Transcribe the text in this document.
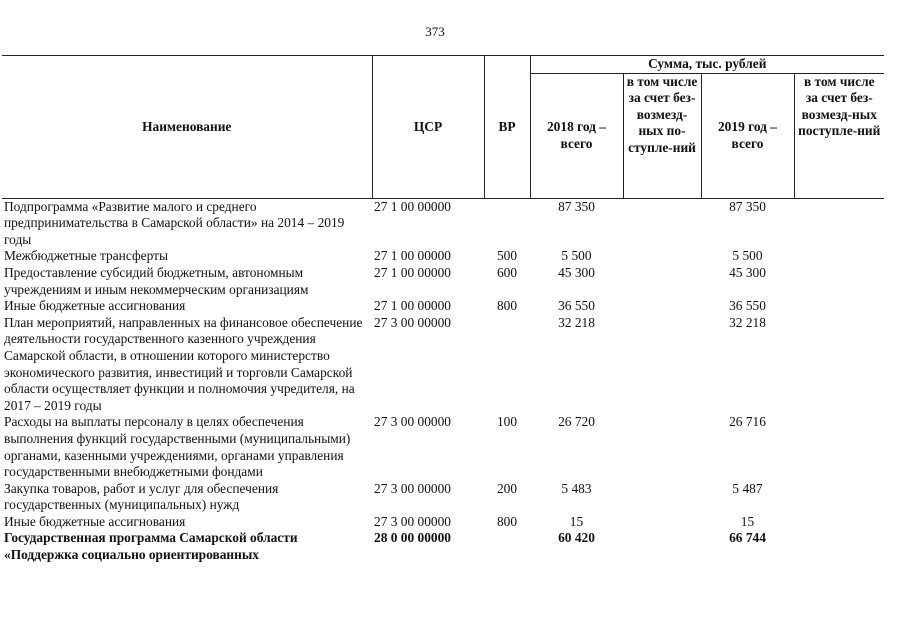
373
Наименование	ЦСР	ВР	Сумма, тыс. рублей			
			2018 год – всего	в том числе за счет без-возмезд-ных по-ступле-ний	2019 год – всего	в том числе за счет без-возмезд-ных поступле-ний
Подпрограмма «Развитие малого и среднего предпринимательства в Самарской области» на 2014 – 2019 годы	27 1 00 00000		87 350		87 350	
Межбюджетные трансферты	27 1 00 00000	500	5 500		5 500	
Предоставление субсидий бюджетным, автономным учреждениям и иным некоммерческим организациям	27 1 00 00000	600	45 300		45 300	
Иные бюджетные ассигнования	27 1 00 00000	800	36 550		36 550	
План мероприятий, направленных на финансовое обеспечение деятельности государственного казенного учреждения Самарской области, в отношении которого министерство экономического развития, инвестиций и торговли Самарской области осуществляет функции и полномочия учредителя, на 2017 – 2019 годы	27 3 00 00000		32 218		32 218	
Расходы на выплаты персоналу в целях обеспечения выполнения функций государственными (муниципальными) органами, казенными учреждениями, органами управления государственными внебюджетными фондами	27 3 00 00000	100	26 720		26 716	
Закупка товаров, работ и услуг для обеспечения государственных (муниципальных) нужд	27 3 00 00000	200	5 483		5 487	
Иные бюджетные ассигнования	27 3 00 00000	800	15		15	
Государственная программа Самарской области «Поддержка социально ориентированных	28 0 00 00000		60 420		66 744	
